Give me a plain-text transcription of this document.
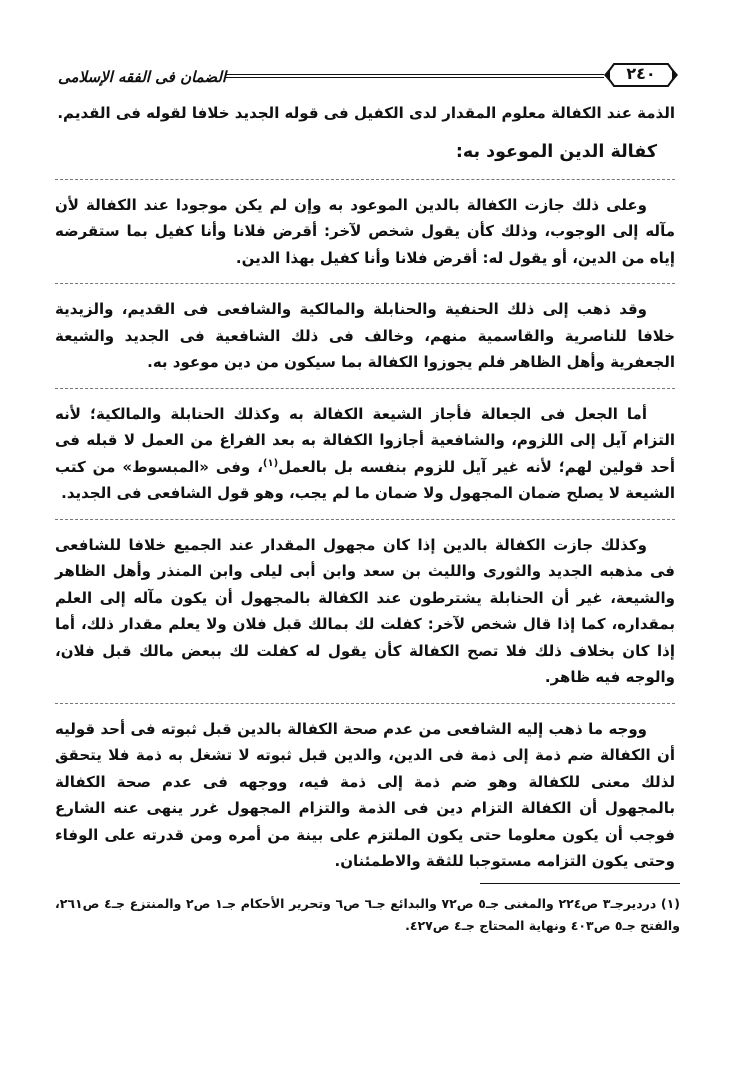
الضمان فى الفقه الإسلامى	٢٤٠

الذمة عند الكفالة معلوم المقدار لدى الكفيل فى قوله الجديد خلافا لقوله فى القديم.

كفالة الدين الموعود به:

وعلى ذلك جازت الكفالة بالدين الموعود به وإن لم يكن موجودا عند الكفالة لأن مآله إلى الوجوب، وذلك كأن يقول شخص لآخر: أقرض فلانا وأنا كفيل بما ستقرضه إياه من الدين، أو يقول له: أقرض فلانا وأنا كفيل بهذا الدين.

وقد ذهب إلى ذلك الحنفية والحنابلة والمالكية والشافعى فى القديم، والزيدية خلافا للناصرية والقاسمية منهم، وخالف فى ذلك الشافعية فى الجديد والشيعة الجعفرية وأهل الظاهر فلم يجوزوا الكفالة بما سيكون من دين موعود به.

أما الجعل فى الجعالة فأجاز الشيعة الكفالة به وكذلك الحنابلة والمالكية؛ لأنه التزام آيل إلى اللزوم، والشافعية أجازوا الكفالة به بعد الفراغ من العمل لا قبله فى أحد قولين لهم؛ لأنه غير آيل للزوم بنفسه بل بالعمل$^{(١)}$، وفى «المبسوط» من كتب الشيعة لا يصلح ضمان المجهول ولا ضمان ما لم يجب، وهو قول الشافعى فى الجديد.

وكذلك جازت الكفالة بالدين إذا كان مجهول المقدار عند الجميع خلافا للشافعى فى مذهبه الجديد والثورى والليث بن سعد وابن أبى ليلى وابن المنذر وأهل الظاهر والشيعة، غير أن الحنابلة يشترطون عند الكفالة بالمجهول أن يكون مآله إلى العلم بمقداره، كما إذا قال شخص لآخر: كفلت لك بمالك قبل فلان ولا يعلم مقدار ذلك، أما إذا كان بخلاف ذلك فلا تصح الكفالة كأن يقول له كفلت لك ببعض مالك قبل فلان، والوجه فيه ظاهر.

ووجه ما ذهب إليه الشافعى من عدم صحة الكفالة بالدين قبل ثبوته فى أحد قوليه أن الكفالة ضم ذمة إلى ذمة فى الدين، والدين قبل ثبوته لا تشغل به ذمة فلا يتحقق لذلك معنى للكفالة وهو ضم ذمة إلى ذمة فيه، ووجهه فى عدم صحة الكفالة بالمجهول أن الكفالة التزام دين فى الذمة والتزام المجهول غرر ينهى عنه الشارع فوجب أن يكون معلوما حتى يكون الملتزم على بينة من أمره ومن قدرته على الوفاء وحتى يكون التزامه مستوجبا للثقة والاطمئنان.

(١) درديرجـ٣ ص٢٢٤ والمغنى جـ٥ ص٧٢ والبدائع جـ٦ ص٦ وتحرير الأحكام جـ١ ص٢ والمنتزع جـ٤ ص٢٦١، والفتح جـ٥ ص٤٠٣ ونهاية المحتاج جـ٤ ص٤٢٧.
